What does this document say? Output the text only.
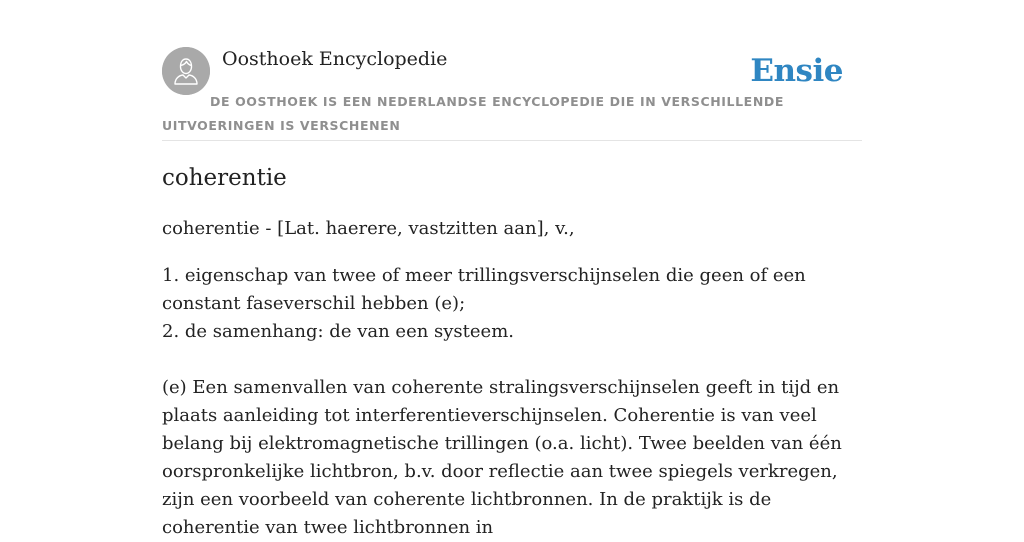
Oosthoek Encyclopedie	Ensie

DE OOSTHOEK IS EEN NEDERLANDSE ENCYCLOPEDIE DIE IN VERSCHILLENDE UITVOERINGEN IS VERSCHENEN

coherentie

coherentie - [Lat. haerere, vastzitten aan], v.,

1. eigenschap van twee of meer trillingsverschijnselen die geen of een constant faseverschil hebben (e);
2. de samenhang: de van een systeem.

(e) Een samenvallen van coherente stralingsverschijnselen geeft in tijd en plaats aanleiding tot interferentieverschijnselen. Coherentie is van veel belang bij elektromagnetische trillingen (o.a. licht). Twee beelden van één oorspronkelijke lichtbron, b.v. door reflectie aan twee spiegels verkregen, zijn een voorbeeld van coherente lichtbronnen. In de praktijk is de coherentie van twee lichtbronnen in
